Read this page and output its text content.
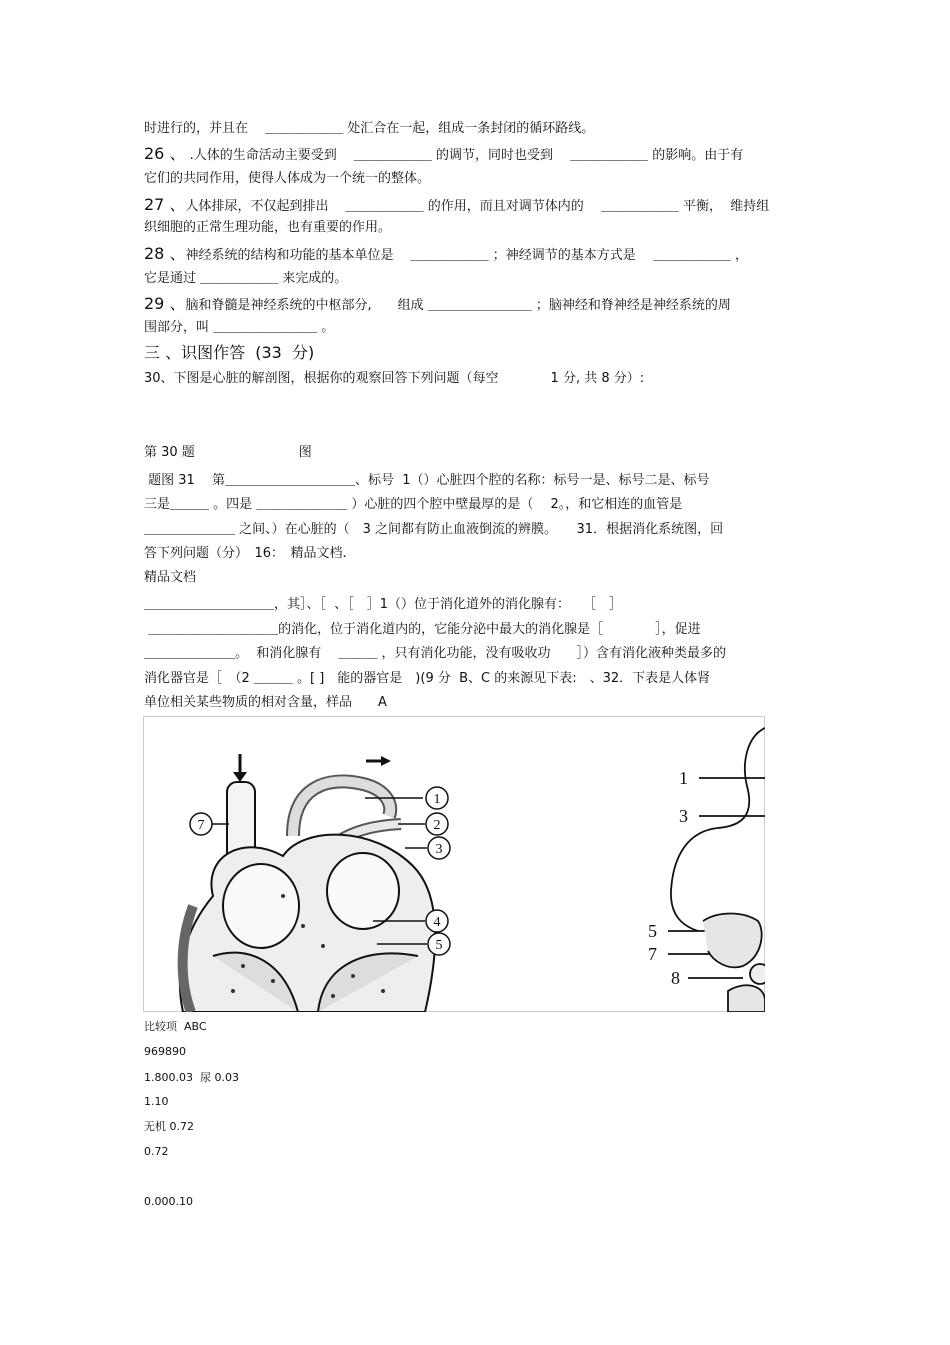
时进行的，并且在　 ＿＿＿＿＿＿ 处汇合在一起，组成一条封闭的循环路线。
26 、 .人体的生命活动主要受到　 ＿＿＿＿＿＿ 的调节，同时也受到　 ＿＿＿＿＿＿ 的影响。由于有
它们的共同作用，使得人体成为一个统一的整体。
27 、人体排尿，不仅起到排出　 ＿＿＿＿＿＿ 的作用，而且对调节体内的　 ＿＿＿＿＿＿ 平衡，  维持组
织细胞的正常生理功能，也有重要的作用。
28 、神经系统的结构和功能的基本单位是　 ＿＿＿＿＿＿ ；神经调节的基本方式是　 ＿＿＿＿＿＿ ，
它是通过 ＿＿＿＿＿＿ 来完成的。
29 、脑和脊髓是神经系统的中枢部分,　　组成 ＿＿＿＿＿＿＿＿ ；脑神经和脊神经是神经系统的周
围部分，叫 ＿＿＿＿＿＿＿＿ 。
三 、识图作答  (33  分)
30、下图是心脏的解剖图，根据你的观察回答下列问题（每空　　　　1 分, 共 8 分）:
第 30 题　　　　　　　　图
题图 31　 第＿＿＿＿＿＿＿＿＿＿、标号  1（）心脏四个腔的名称：标号一是、标号二是、标号
三是＿＿＿ 。四是 ＿＿＿＿＿＿＿ ）心脏的四个腔中壁最厚的是（　 2。，和它相连的血管是
＿＿＿＿＿＿＿ 之间、）在心脏的（　3 之间都有防止血液倒流的辨膜。　　31．根据消化系统图，回
答下列问题（分）　16：　精品文档.
精品文档
＿＿＿＿＿＿＿＿＿＿，其］、［  、［　］1（）位于消化道外的消化腺有：　　［　］
＿＿＿＿＿＿＿＿＿＿的消化，位于消化道内的，它能分泌中最大的消化腺是［　　　　］，促进
＿＿＿＿＿＿＿。  和消化腺有　 ＿＿＿ ，只有消化功能，没有吸收功　　］）含有消化液种类最多的
消化器官是［　（2 ＿＿＿ 。[ ]　能的器官是　)(9 分  B、C 的来源见下表:　、32．下表是人体肾
单位相关某些物质的相对含量，样品　　A
1
2
3
4
5
7
1
3
5
7
8
比较项  ABC
969890
1.800.03  尿 0.03
1.10
无机 0.72
0.72
0.000.10
